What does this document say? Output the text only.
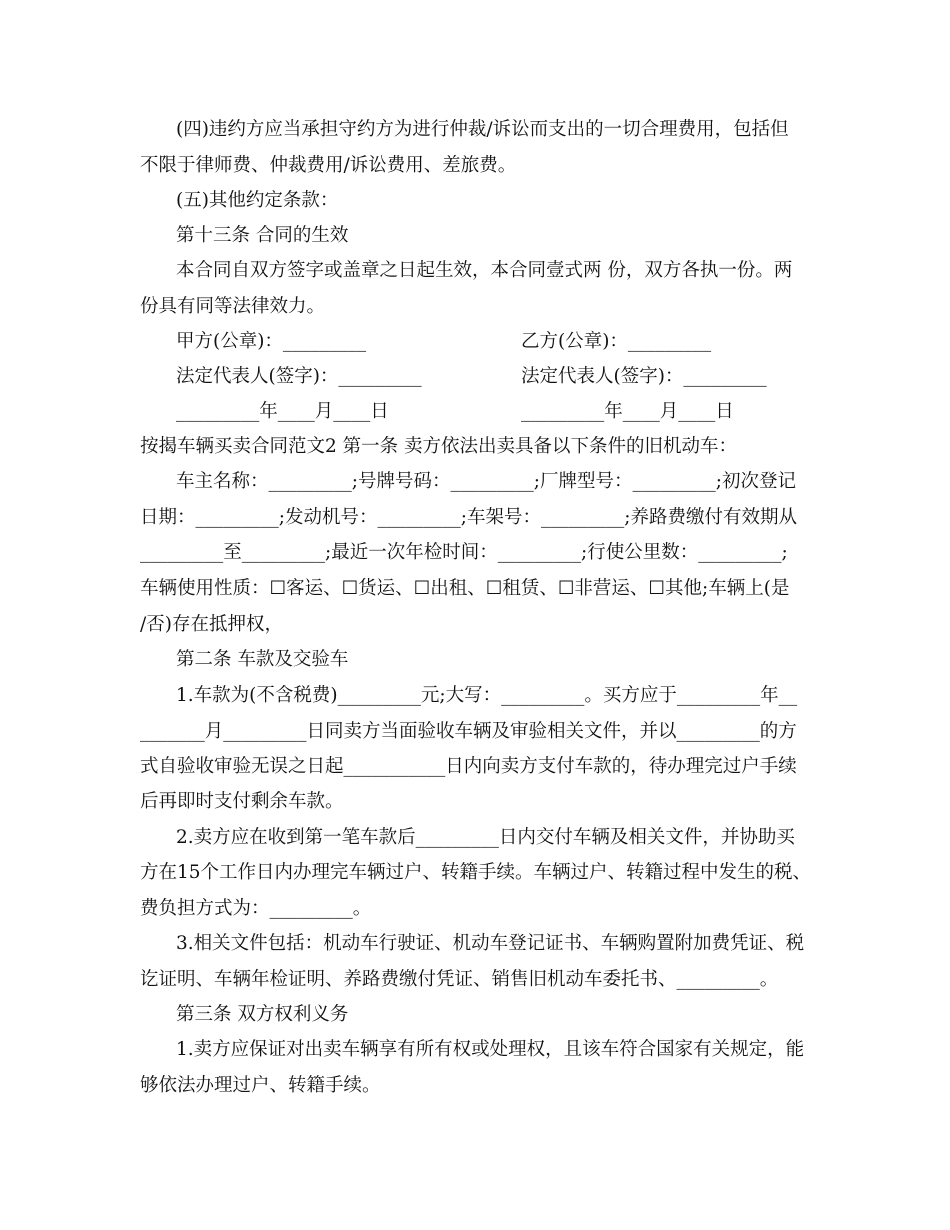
(四)违约方应当承担守约方为进行仲裁/诉讼而支出的一切合理费用，包括但
不限于律师费、仲裁费用/诉讼费用、差旅费。
(五)其他约定条款：
第十三条 合同的生效
本合同自双方签字或盖章之日起生效，本合同壹式两 份，双方各执一份。两
份具有同等法律效力。
甲方(公章)：_________	乙方(公章)：_________
法定代表人(签字)：_________	法定代表人(签字)：_________
_________年____月____日	_________年____月____日
按揭车辆买卖合同范文2 第一条 卖方依法出卖具备以下条件的旧机动车：
车主名称：_________;号牌号码：_________;厂牌型号：_________;初次登记
日期：_________;发动机号：_________;车架号：_________;养路费缴付有效期从
_________至_________;最近一次年检时间：_________;行使公里数：_________;
车辆使用性质：☐客运、☐货运、☐出租、☐租赁、☐非营运、☐其他;车辆上(是
/否)存在抵押权，
第二条 车款及交验车
1.车款为(不含税费)_________元;大写：_________。买方应于_________年__
_______月_________日同卖方当面验收车辆及审验相关文件，并以_________的方
式自验收审验无误之日起___________日内向卖方支付车款的，待办理完过户手续
后再即时支付剩余车款。
2.卖方应在收到第一笔车款后_________日内交付车辆及相关文件，并协助买
方在15个工作日内办理完车辆过户、转籍手续。车辆过户、转籍过程中发生的税、
费负担方式为：_________。
3.相关文件包括：机动车行驶证、机动车登记证书、车辆购置附加费凭证、税
讫证明、车辆年检证明、养路费缴付凭证、销售旧机动车委托书、_________。
第三条 双方权利义务
1.卖方应保证对出卖车辆享有所有权或处理权，且该车符合国家有关规定，能
够依法办理过户、转籍手续。
